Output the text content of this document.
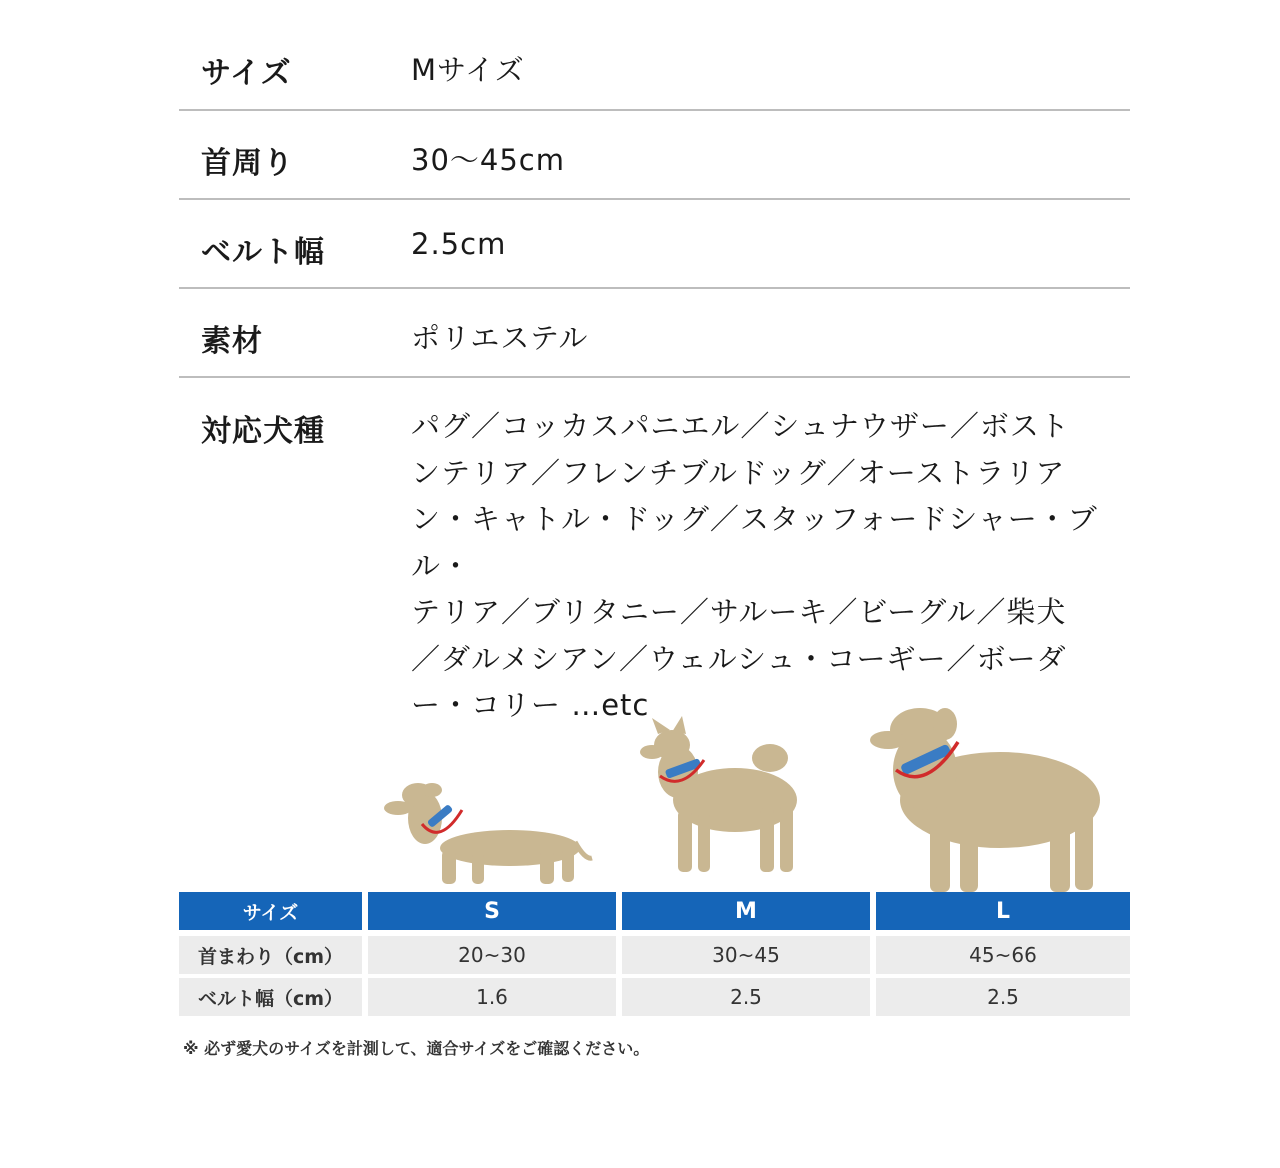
サイズ	Mサイズ
首周り	30〜45cm
ベルト幅	2.5cm
素材	ポリエステル
対応犬種	パグ／コッカスパニエル／シュナウザー／ボスト
ンテリア／フレンチブルドッグ／オーストラリア
ン・キャトル・ドッグ／スタッフォードシャー・ブル・
テリア／ブリタニー／サルーキ／ビーグル／柴犬
／ダルメシアン／ウェルシュ・コーギー／ボーダ
ー・コリー …etc
サイズ	S	M	L
首まわり（cm）	20~30	30~45	45~66
ベルト幅（cm）	1.6	2.5	2.5
※ 必ず愛犬のサイズを計測して、適合サイズをご確認ください。
